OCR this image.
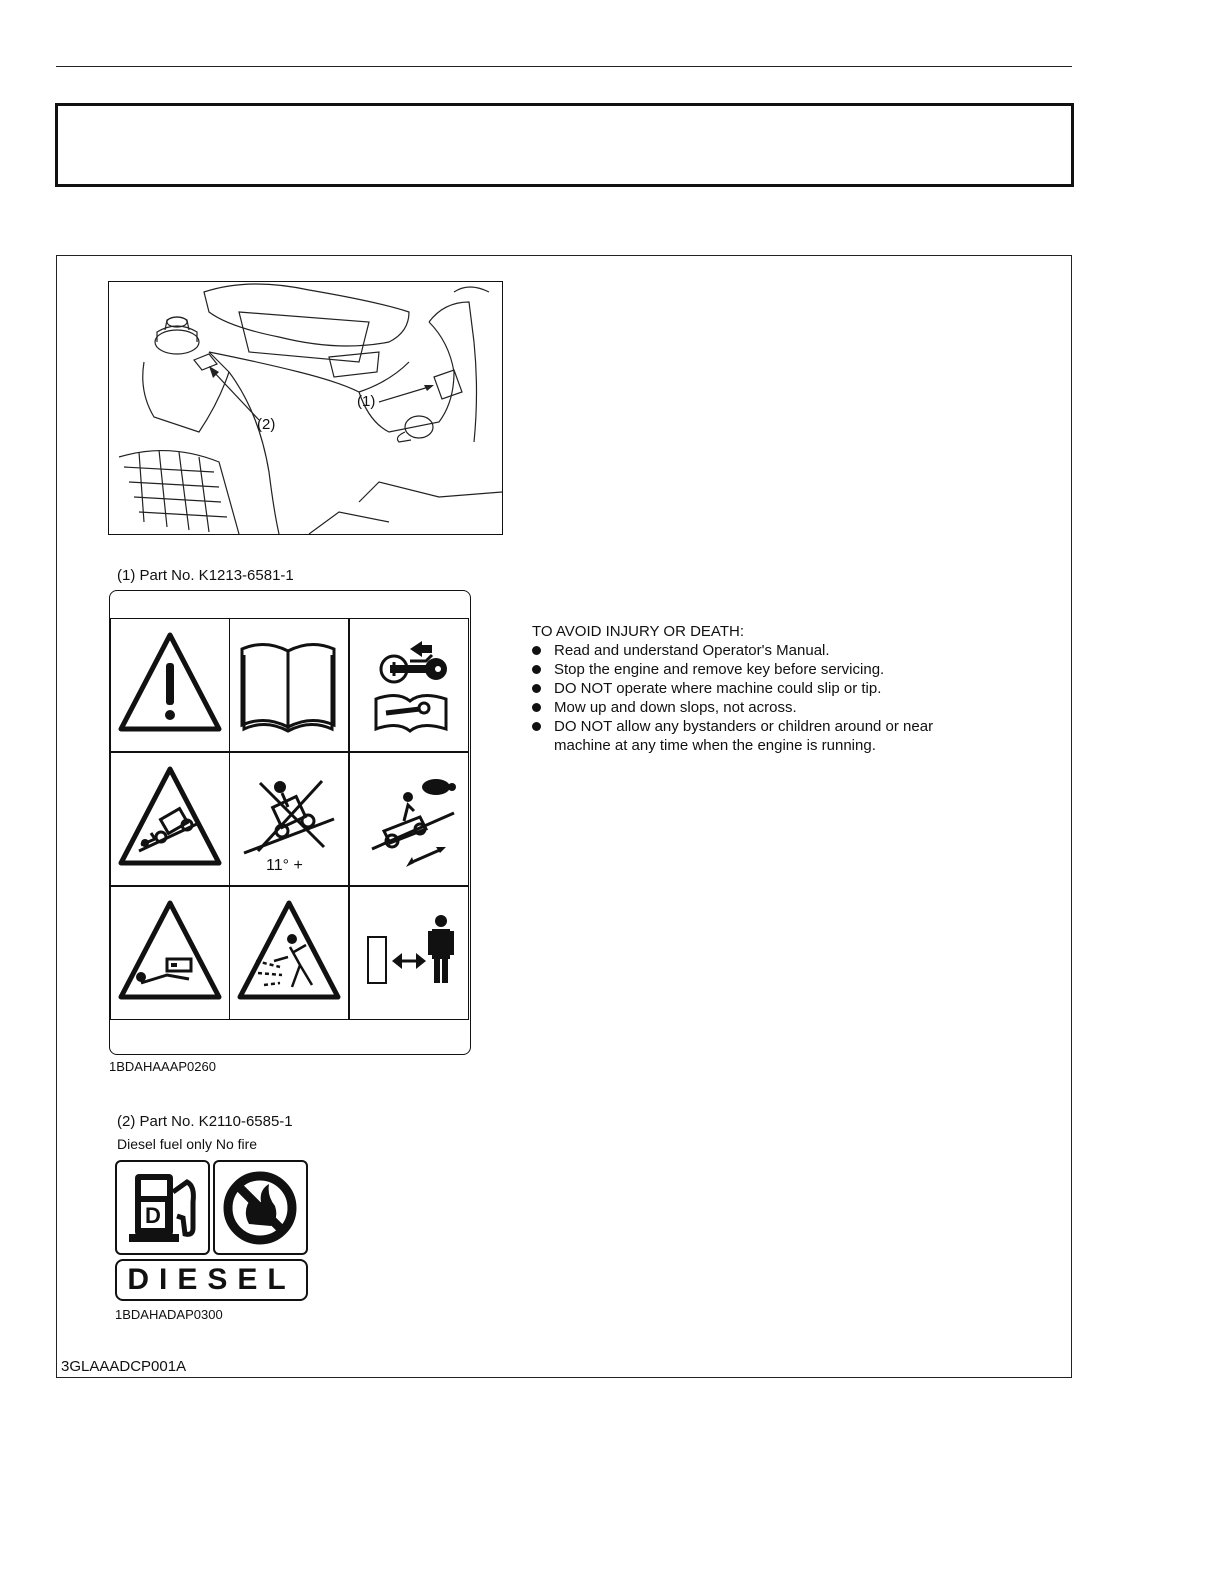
(1)
(2)
(1) Part No. K1213-6581-1
11° +
1BDAHAAAP0260
(2) Part No. K2110-6585-1
Diesel fuel only No fire
D
DIESEL
1BDAHADAP0300
TO AVOID INJURY OR DEATH:
Read and understand Operator's Manual.
Stop the engine and remove key before servicing.
DO NOT operate where machine could slip or tip.
Mow up and down slops, not across.
DO NOT allow any bystanders or children around or near machine at any time when the engine is running.
3GLAAADCP001A
